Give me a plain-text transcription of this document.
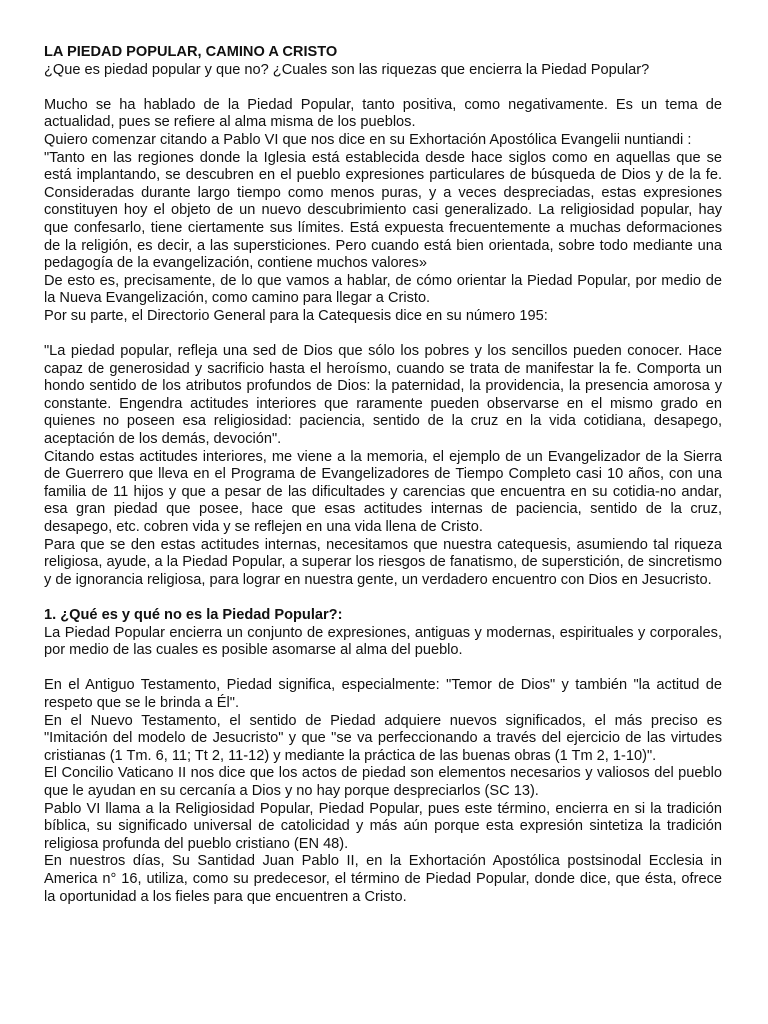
LA PIEDAD POPULAR, CAMINO A CRISTO

¿Que es piedad popular y que no? ¿Cuales son las riquezas que encierra la Piedad Popular?

Mucho se ha hablado de la Piedad Popular, tanto positiva, como negativamente. Es un tema de actualidad, pues se refiere al alma misma de los pueblos.

Quiero comenzar citando a Pablo VI que nos dice en su Exhortación Apostólica Evangelii nuntiandi :

"Tanto en las regiones donde la Iglesia está establecida desde hace siglos como en aquellas que se está implantando, se descubren en el pueblo expresiones particulares de búsqueda de Dios y de la fe. Consideradas durante largo tiempo como menos puras, y a veces despreciadas, estas expresiones constituyen hoy el objeto de un nuevo descubrimiento casi generalizado. La religiosidad popular, hay que confesarlo, tiene ciertamente sus límites. Está expuesta frecuentemente a muchas deformaciones de la religión, es decir, a las supersticiones. Pero cuando está bien orientada, sobre todo mediante una pedagogía de la evangelización, contiene muchos valores»

De esto es, precisamente, de lo que vamos a hablar, de cómo orientar la Piedad Popular, por medio de la Nueva Evangelización, como camino para llegar a Cristo.

Por su parte, el Directorio General para la Catequesis dice en su número 195:

"La piedad popular, refleja una sed de Dios que sólo los pobres y los sencillos pueden conocer. Hace capaz de generosidad y sacrificio hasta el heroísmo, cuando se trata de manifestar la fe. Comporta un hondo sentido de los atributos profundos de Dios: la paternidad, la providencia, la presencia amorosa y constante. Engendra actitudes interiores que raramente pueden observarse en el mismo grado en quienes no poseen esa religiosidad: paciencia, sentido de la cruz en la vida cotidiana, desapego, aceptación de los demás, devoción".

Citando estas actitudes interiores, me viene a la memoria, el ejemplo de un Evangelizador de la Sierra de Guerrero que lleva en el Programa de Evangelizadores de Tiempo Completo casi 10 años, con una familia de 11 hijos y que a pesar de las dificultades y carencias que encuentra en su cotidia-no andar, esa gran piedad que posee, hace que esas actitudes internas de paciencia, sentido de la cruz, desapego, etc. cobren vida y se reflejen en una vida llena de Cristo.

Para que se den estas actitudes internas, necesitamos que nuestra catequesis, asumiendo tal riqueza religiosa, ayude, a la Piedad Popular, a superar los riesgos de fanatismo, de superstición, de sincretismo y de ignorancia religiosa, para lograr en nuestra gente, un verdadero encuentro con Dios en Jesucristo.

1. ¿Qué es y qué no es la Piedad Popular?:

La Piedad Popular encierra un conjunto de expresiones, antiguas y modernas, espirituales y corporales, por medio de las cuales es posible asomarse al alma del pueblo.

En el Antiguo Testamento, Piedad significa, especialmente: "Temor de Dios" y también "la actitud de respeto que se le brinda a Él".

En el Nuevo Testamento, el sentido de Piedad adquiere nuevos significados, el más preciso es "Imitación del modelo de Jesucristo" y que "se va perfeccionando a través del ejercicio de las virtudes cristianas (1 Tm. 6, 11; Tt 2, 11-12) y mediante la práctica de las buenas obras (1 Tm 2, 1-10)".

El Concilio Vaticano II nos dice que los actos de piedad son elementos necesarios y valiosos del pueblo que le ayudan en su cercanía a Dios y no hay porque despreciarlos (SC 13).

Pablo VI llama a la Religiosidad Popular, Piedad Popular, pues este término, encierra en si la tradición bíblica, su significado universal de catolicidad y más aún porque esta expresión sintetiza la tradición religiosa profunda del pueblo cristiano (EN 48).

En nuestros días, Su Santidad Juan Pablo II, en la Exhortación Apostólica postsinodal Ecclesia in America n° 16, utiliza, como su predecesor, el término de Piedad Popular, donde dice, que ésta, ofrece la oportunidad a los fieles para que encuentren a Cristo.
